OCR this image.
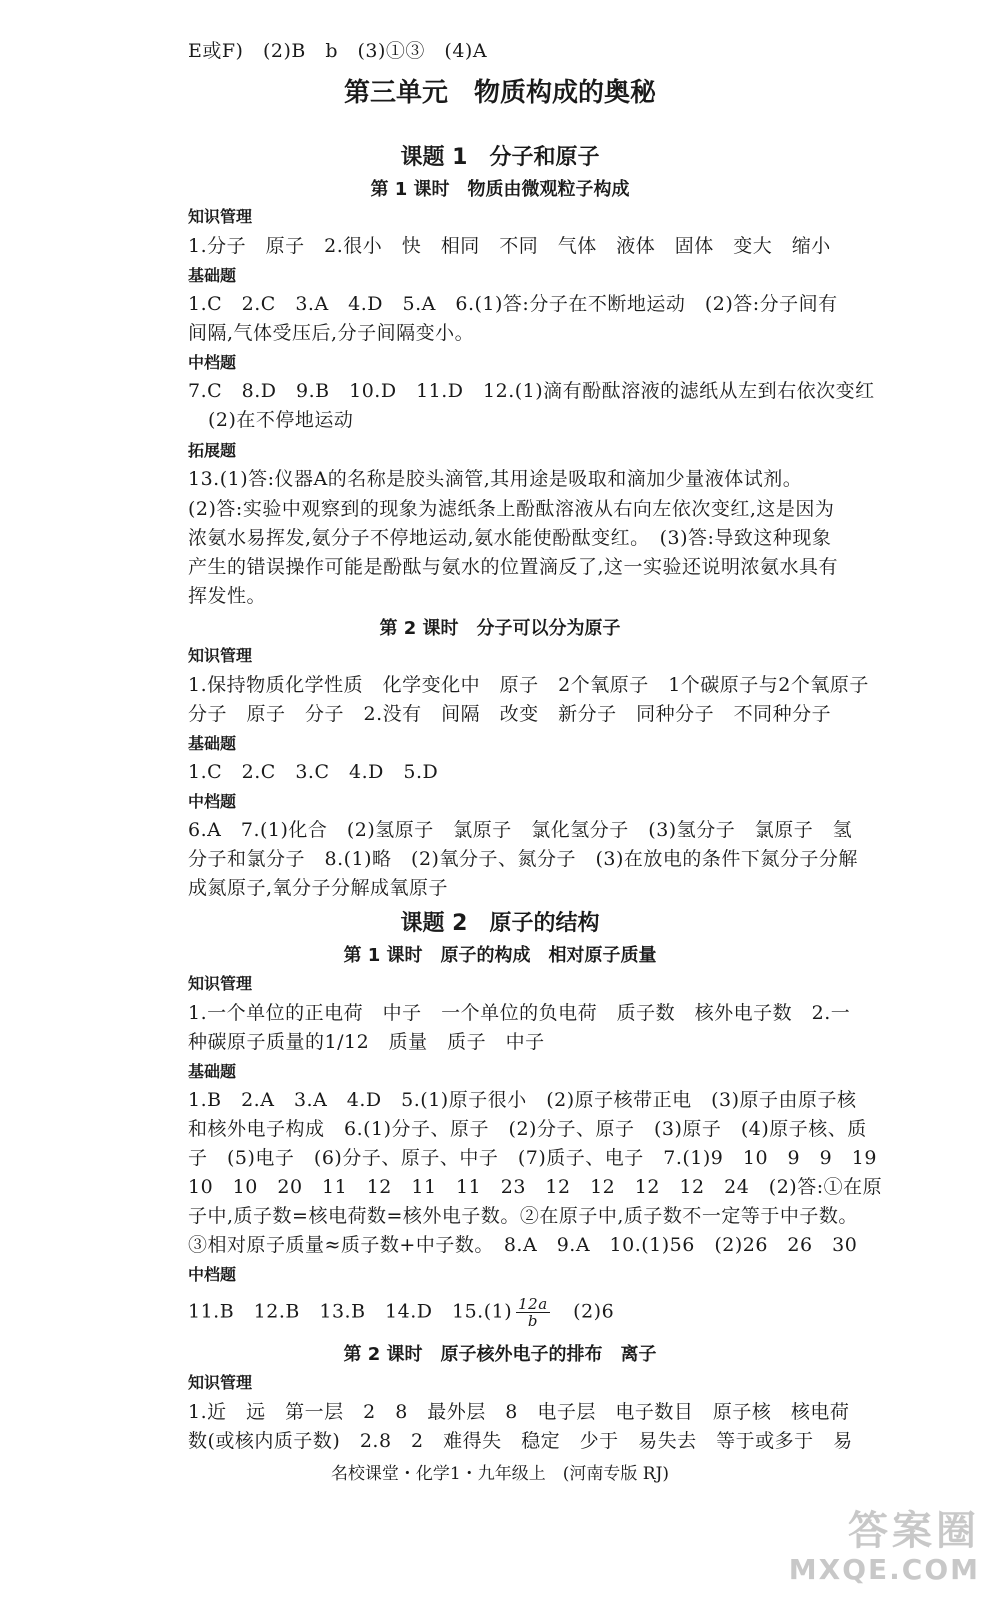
E或F)　(2)B　b　(3)①③　(4)A
第三单元　物质构成的奥秘
课题 1　分子和原子
第 1 课时　物质由微观粒子构成
知识管理
1.分子　原子　2.很小　快　相同　不同　气体　液体　固体　变大　缩小
基础题
1.C　2.C　3.A　4.D　5.A　6.(1)答:分子在不断地运动　(2)答:分子间有
间隔,气体受压后,分子间隔变小。
中档题
7.C　8.D　9.B　10.D　11.D　12.(1)滴有酚酞溶液的滤纸从左到右依次变红
(2)在不停地运动
拓展题
13.(1)答:仪器A的名称是胶头滴管,其用途是吸取和滴加少量液体试剂。
(2)答:实验中观察到的现象为滤纸条上酚酞溶液从右向左依次变红,这是因为
浓氨水易挥发,氨分子不停地运动,氨水能使酚酞变红。　(3)答:导致这种现象
产生的错误操作可能是酚酞与氨水的位置滴反了,这一实验还说明浓氨水具有
挥发性。
第 2 课时　分子可以分为原子
知识管理
1.保持物质化学性质　化学变化中　原子　2个氧原子　1个碳原子与2个氧原子
分子　原子　分子　2.没有　间隔　改变　新分子　同种分子　不同种分子
基础题
1.C　2.C　3.C　4.D　5.D
中档题
6.A　7.(1)化合　(2)氢原子　氯原子　氯化氢分子　(3)氢分子　氯原子　氢
分子和氯分子　8.(1)略　(2)氧分子、氮分子　(3)在放电的条件下氮分子分解
成氮原子,氧分子分解成氧原子
课题 2　原子的结构
第 1 课时　原子的构成　相对原子质量
知识管理
1.一个单位的正电荷　中子　一个单位的负电荷　质子数　核外电子数　2.一
种碳原子质量的1/12　质量　质子　中子
基础题
1.B　2.A　3.A　4.D　5.(1)原子很小　(2)原子核带正电　(3)原子由原子核
和核外电子构成　6.(1)分子、原子　(2)分子、原子　(3)原子　(4)原子核、质
子　(5)电子　(6)分子、原子、中子　(7)质子、电子　7.(1)9　10　9　9　19
10　10　20　11　12　11　11　23　12　12　12　12　24　(2)答:①在原
子中,质子数=核电荷数=核外电子数。②在原子中,质子数不一定等于中子数。
③相对原子质量≈质子数+中子数。　8.A　9.A　10.(1)56　(2)26　26　30
中档题
11.B　12.B　13.B　14.D　$15.(1) \frac{12a}{b}$ 　(2)6
第 2 课时　原子核外电子的排布　离子
知识管理
1.近　远　第一层　2　8　最外层　8　电子层　电子数目　原子核　核电荷
数(或核内质子数)　2.8　2　难得失　稳定　少于　易失去　等于或多于　易
名校课堂・化学1・九年级上　(河南专版 RJ)
答案圈
MXQE.COM
